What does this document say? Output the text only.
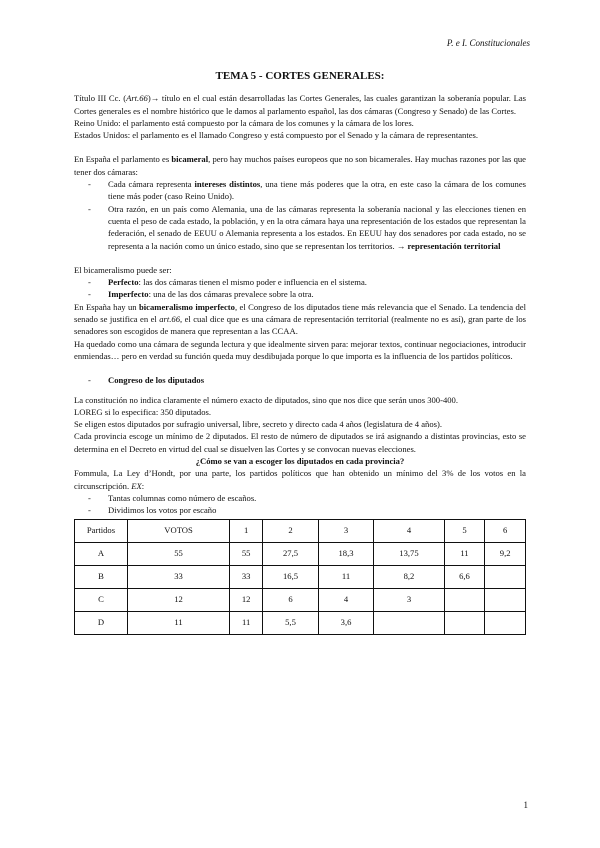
P. e I. Constitucionales
TEMA 5 - CORTES GENERALES:

Título III Cc. (Art.66)→ título en el cual están desarrolladas las Cortes Generales, las cuales garantizan la soberanía popular. Las Cortes generales es el nombre histórico que le damos al parlamento español, las dos cámaras (Congreso y Senado) de las Cortes.

Reino Unido: el parlamento está compuesto por la cámara de los comunes y la cámara de los lores.

Estados Unidos: el parlamento es el llamado Congreso y está compuesto por el Senado y la cámara de representantes.

En España el parlamento es bicameral, pero hay muchos países europeos que no son bicamerales. Hay muchas razones por las que tener dos cámaras:

- Cada cámara representa intereses distintos, una tiene más poderes que la otra, en este caso la cámara de los comunes tiene más poder (caso Reino Unido).
- Otra razón, en un país como Alemania, una de las cámaras representa la soberanía nacional y las elecciones tienen en cuenta el peso de cada estado, la población, y en la otra cámara haya una representación de los estados que representan la federación, el senado de EEUU o Alemania representa a los estados. En EEUU hay dos senadores por cada estado, no se representa a la nación como un único estado, sino que se representan los territorios. → representación territorial

El bicameralismo puede ser:

- Perfecto: las dos cámaras tienen el mismo poder e influencia en el sistema.
- Imperfecto: una de las dos cámaras prevalece sobre la otra.

En España hay un bicameralismo imperfecto, el Congreso de los diputados tiene más relevancia que el Senado. La tendencia del senado se justifica en el art.66, el cual dice que es una cámara de representación territorial (realmente no es así), gran parte de los senadores son escogidos de manera que representan a las CCAA.

Ha quedado como una cámara de segunda lectura y que idealmente sirven para: mejorar textos, continuar negociaciones, introducir enmiendas… pero en verdad su función queda muy desdibujada porque lo que importa es la influencia de los partidos políticos.

- Congreso de los diputados

La constitución no indica claramente el número exacto de diputados, sino que nos dice que serán unos 300-400.

LOREG si lo especifica: 350 diputados.

Se eligen estos diputados por sufragio universal, libre, secreto y directo cada 4 años (legislatura de 4 años).

Cada provincia escoge un mínimo de 2 diputados. El resto de número de diputados se irá asignando a distintas provincias, esto se determina en el Decreto en virtud del cual se disuelven las Cortes y se convocan nuevas elecciones.

¿Cómo se van a escoger los diputados en cada provincia?

Fommula, La Ley d’Hondt, por una parte, los partidos políticos que han obtenido un mínimo del 3% de los votos en la circunscripción. EX:

- Tantas columnas como número de escaños.
- Dividimos los votos por escaño
Partidos	VOTOS	1	2	3	4	5	6
A	55	55	27,5	18,3	13,75	11	9,2
B	33	33	16,5	11	8,2	6,6	
C	12	12	6	4	3		
D	11	11	5,5	3,6			
1
